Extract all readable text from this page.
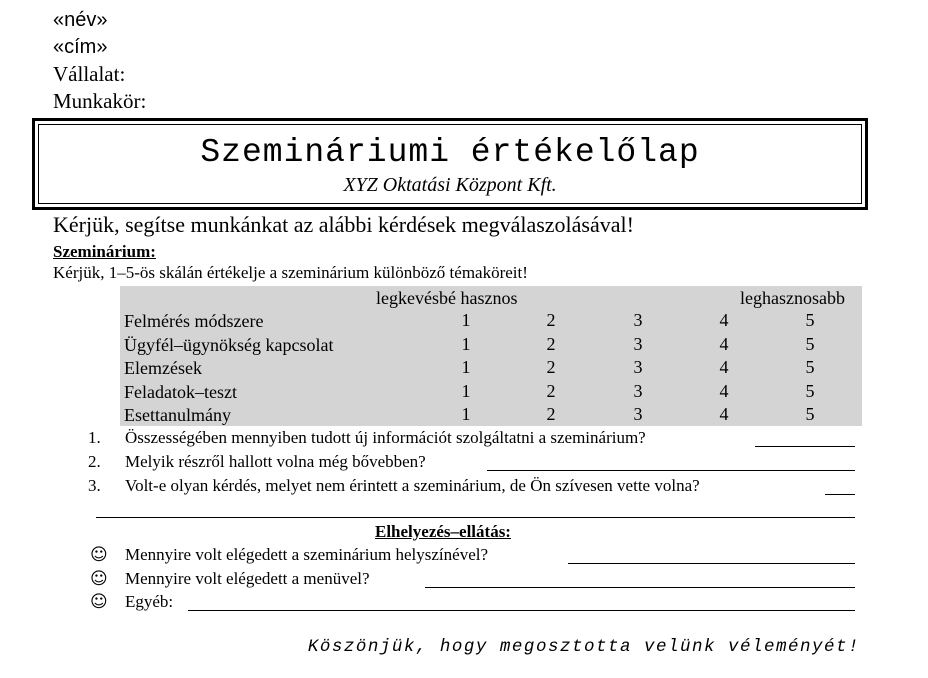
«név»
«cím»
Vállalat:
Munkakör:
Szemináriumi értékelőlap
XYZ Oktatási Központ Kft.
Kérjük, segítse munkánkat az alábbi kérdések megválaszolásával!
Szeminárium:
Kérjük, 1–5-ös skálán értékelje a szeminárium különböző témaköreit!
legkevésbé hasznos	leghasznosabb
Felmérés módszere	1	2	3	4	5
Ügyfél–ügynökség kapcsolat	1	2	3	4	5
Elemzések	1	2	3	4	5
Feladatok–teszt	1	2	3	4	5
Esettanulmány	1	2	3	4	5
1. Összességében mennyiben tudott új információt szolgáltatni a szeminárium?
2. Melyik részről hallott volna még bővebben?
3. Volt-e olyan kérdés, melyet nem érintett a szeminárium, de Ön szívesen vette volna?
Elhelyezés–ellátás:
☺ Mennyire volt elégedett a szeminárium helyszínével?
☺ Mennyire volt elégedett a menüvel?
☺ Egyéb:
Köszönjük, hogy megosztotta velünk véleményét!
